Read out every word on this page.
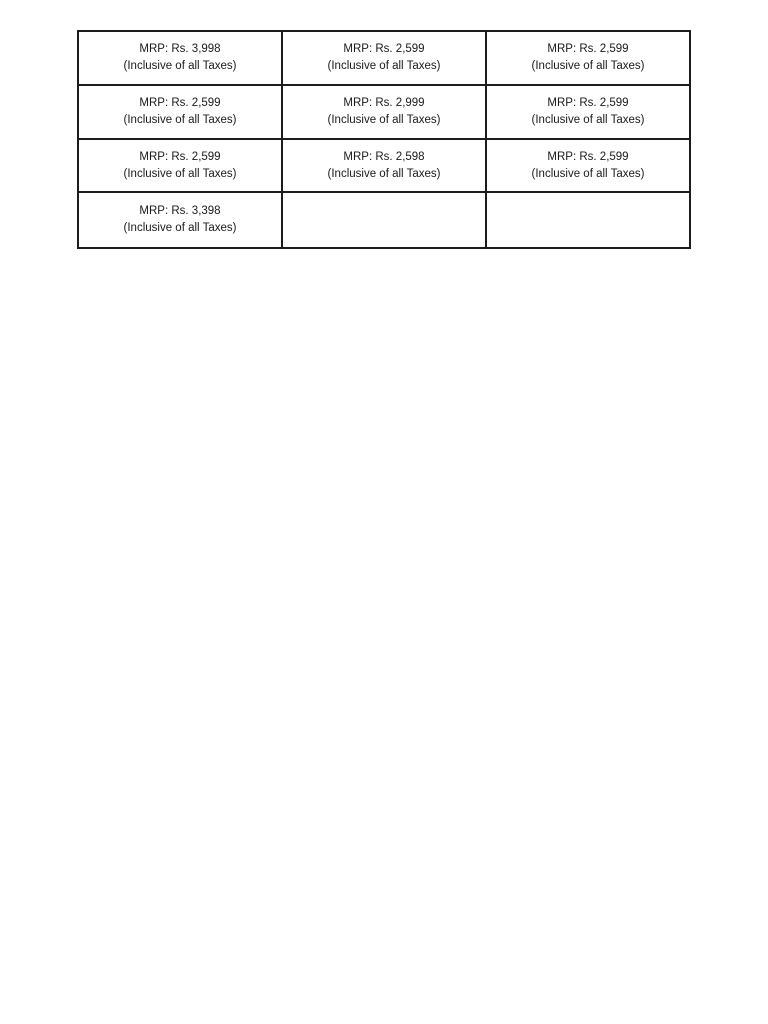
MRP: Rs. 3,998
(Inclusive of all Taxes)	MRP: Rs. 2,599
(Inclusive of all Taxes)	MRP: Rs. 2,599
(Inclusive of all Taxes)

MRP: Rs. 2,599
(Inclusive of all Taxes)	MRP: Rs. 2,999
(Inclusive of all Taxes)	MRP: Rs. 2,599
(Inclusive of all Taxes)

MRP: Rs. 2,599
(Inclusive of all Taxes)	MRP: Rs. 2,598
(Inclusive of all Taxes)	MRP: Rs. 2,599
(Inclusive of all Taxes)

MRP: Rs. 3,398
(Inclusive of all Taxes)		
